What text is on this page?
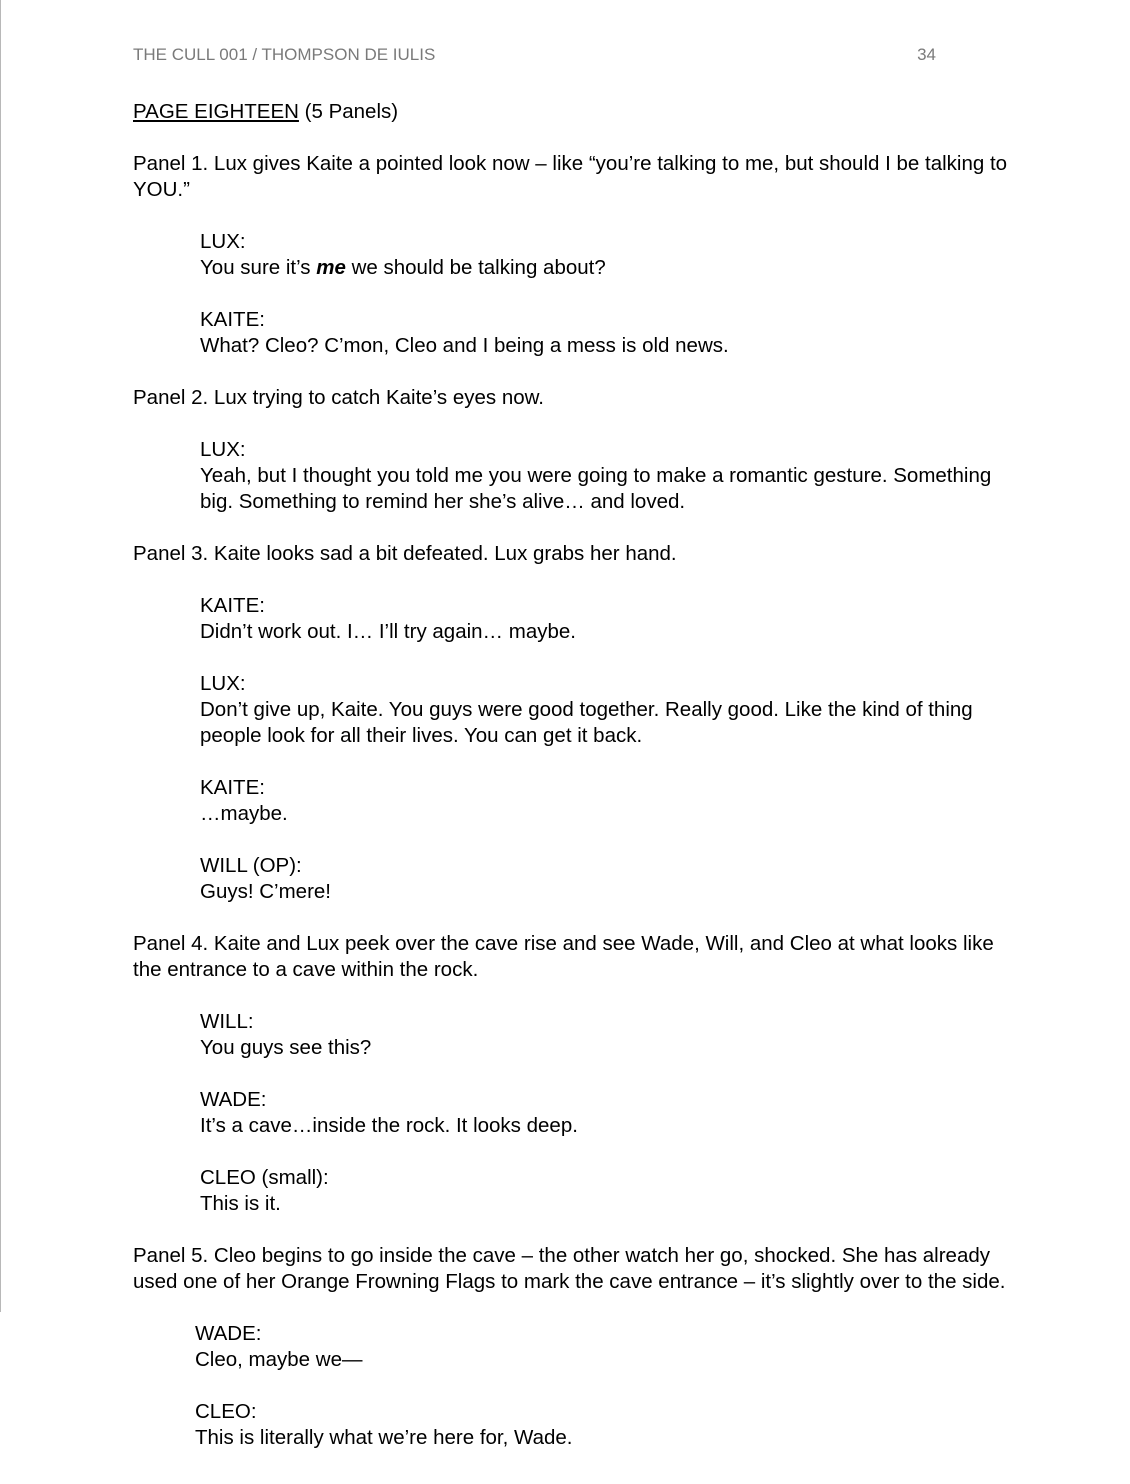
THE CULL 001 / THOMPSON DE IULIS	34
PAGE EIGHTEEN (5 Panels)
Panel 1. Lux gives Kaite a pointed look now – like “you’re talking to me, but should I be talking to YOU.”
LUX:
You sure it’s me we should be talking about?
KAITE:
What? Cleo? C’mon, Cleo and I being a mess is old news.
Panel 2. Lux trying to catch Kaite’s eyes now.
LUX:
Yeah, but I thought you told me you were going to make a romantic gesture. Something big. Something to remind her she’s alive… and loved.
Panel 3. Kaite looks sad a bit defeated. Lux grabs her hand.
KAITE:
Didn’t work out. I… I’ll try again… maybe.
LUX:
Don’t give up, Kaite. You guys were good together. Really good. Like the kind of thing people look for all their lives. You can get it back.
KAITE:
…maybe.
WILL (OP):
Guys! C’mere!
Panel 4. Kaite and Lux peek over the cave rise and see Wade, Will, and Cleo at what looks like the entrance to a cave within the rock.
WILL:
You guys see this?
WADE:
It’s a cave…inside the rock. It looks deep.
CLEO (small):
This is it.
Panel 5. Cleo begins to go inside the cave – the other watch her go, shocked. She has already used one of her Orange Frowning Flags to mark the cave entrance – it’s slightly over to the side.
WADE:
Cleo, maybe we—
CLEO:
This is literally what we’re here for, Wade.
